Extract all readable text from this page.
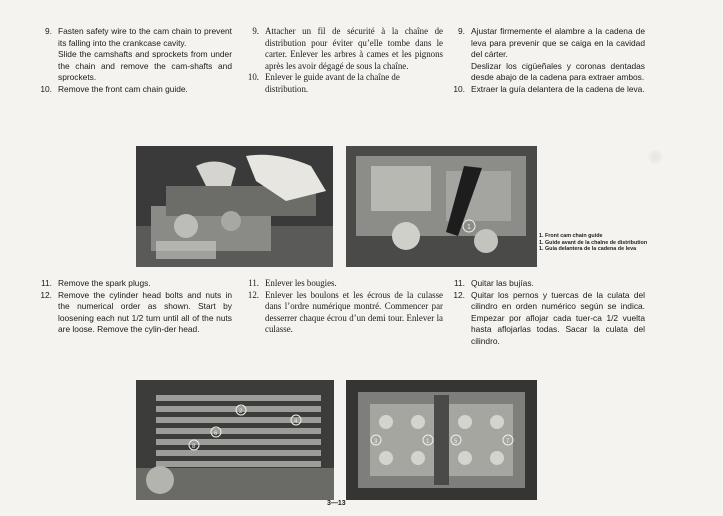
9. Fasten safety wire to the cam chain to prevent its falling into the crankcase cavity.
Slide the camshafts and sprockets from under the chain and remove the cam-shafts and sprockets.
10. Remove the front cam chain guide.
9. Attacher un fil de sécurité à la chaîne de distribution pour éviter qu’elle tombe dans le carter. Enlever les arbres à cames et les pignons après les avoir dégagé de sous la chaîne.
10. Enlever le guide avant de la chaîne de distribution.
9. Ajustar firmemente el alambre a la cadena de leva para prevenir que se caiga en la cavidad del cárter.
Deslizar los cigüeñales y coronas dentadas desde abajo de la cadena para extraer ambos.
10. Extraer la guía delantera de la cadena de leva.
1
1. Front cam chain guide
1. Guide avant de la chaîne de distribution
1. Guía delantera de la cadena de leva
11. Remove the spark plugs.
12. Remove the cylinder head bolts and nuts in the numerical order as shown. Start by loosening each nut 1/2 turn until all of the nuts are loose. Remove the cylin-der head.
11. Enlever les bougies.
12. Enlever les boulons et les écrous de la culasse dans l’ordre numérique montré. Commencer par desserrer chaque écrou d’un demi tour. Enlever la culasse.
11. Quitar las bujías.
12. Quitar los pernos y tuercas de la culata del cilindro en orden numérico según se indica. Empezar por aflojar cada tuer-ca 1/2 vuelta hasta aflojarlas todas. Sacar la culata del cilindro.
8
6
2
4
3	1	5	7
3—13
